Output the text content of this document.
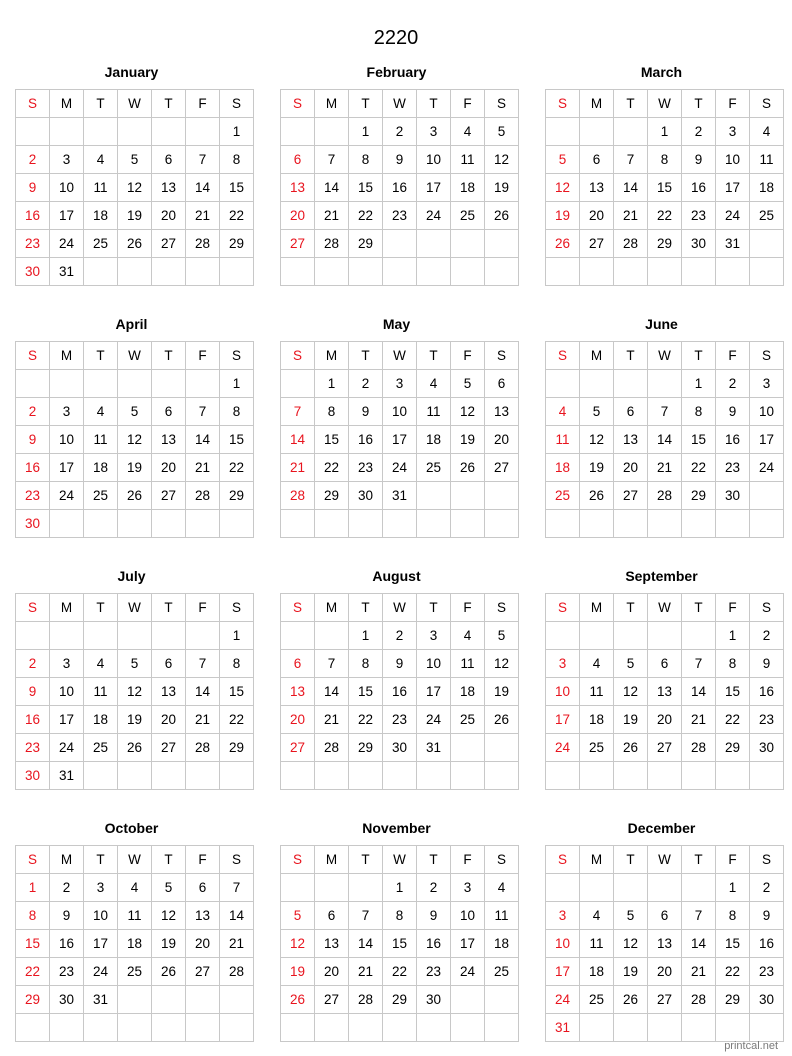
2220
January
S	M	T	W	T	F	S
						1
2	3	4	5	6	7	8
9	10	11	12	13	14	15
16	17	18	19	20	21	22
23	24	25	26	27	28	29
30	31					
February
S	M	T	W	T	F	S
		1	2	3	4	5
6	7	8	9	10	11	12
13	14	15	16	17	18	19
20	21	22	23	24	25	26
27	28	29				

March
S	M	T	W	T	F	S
			1	2	3	4
5	6	7	8	9	10	11
12	13	14	15	16	17	18
19	20	21	22	23	24	25
26	27	28	29	30	31	

April
S	M	T	W	T	F	S
						1
2	3	4	5	6	7	8
9	10	11	12	13	14	15
16	17	18	19	20	21	22
23	24	25	26	27	28	29
30						
May
S	M	T	W	T	F	S
	1	2	3	4	5	6
7	8	9	10	11	12	13
14	15	16	17	18	19	20
21	22	23	24	25	26	27
28	29	30	31			

June
S	M	T	W	T	F	S
				1	2	3
4	5	6	7	8	9	10
11	12	13	14	15	16	17
18	19	20	21	22	23	24
25	26	27	28	29	30	

July
S	M	T	W	T	F	S
						1
2	3	4	5	6	7	8
9	10	11	12	13	14	15
16	17	18	19	20	21	22
23	24	25	26	27	28	29
30	31					
August
S	M	T	W	T	F	S
		1	2	3	4	5
6	7	8	9	10	11	12
13	14	15	16	17	18	19
20	21	22	23	24	25	26
27	28	29	30	31		

September
S	M	T	W	T	F	S
					1	2
3	4	5	6	7	8	9
10	11	12	13	14	15	16
17	18	19	20	21	22	23
24	25	26	27	28	29	30

October
S	M	T	W	T	F	S
1	2	3	4	5	6	7
8	9	10	11	12	13	14
15	16	17	18	19	20	21
22	23	24	25	26	27	28
29	30	31				

November
S	M	T	W	T	F	S
			1	2	3	4
5	6	7	8	9	10	11
12	13	14	15	16	17	18
19	20	21	22	23	24	25
26	27	28	29	30		

December
S	M	T	W	T	F	S
					1	2
3	4	5	6	7	8	9
10	11	12	13	14	15	16
17	18	19	20	21	22	23
24	25	26	27	28	29	30
31						
printcal.net
